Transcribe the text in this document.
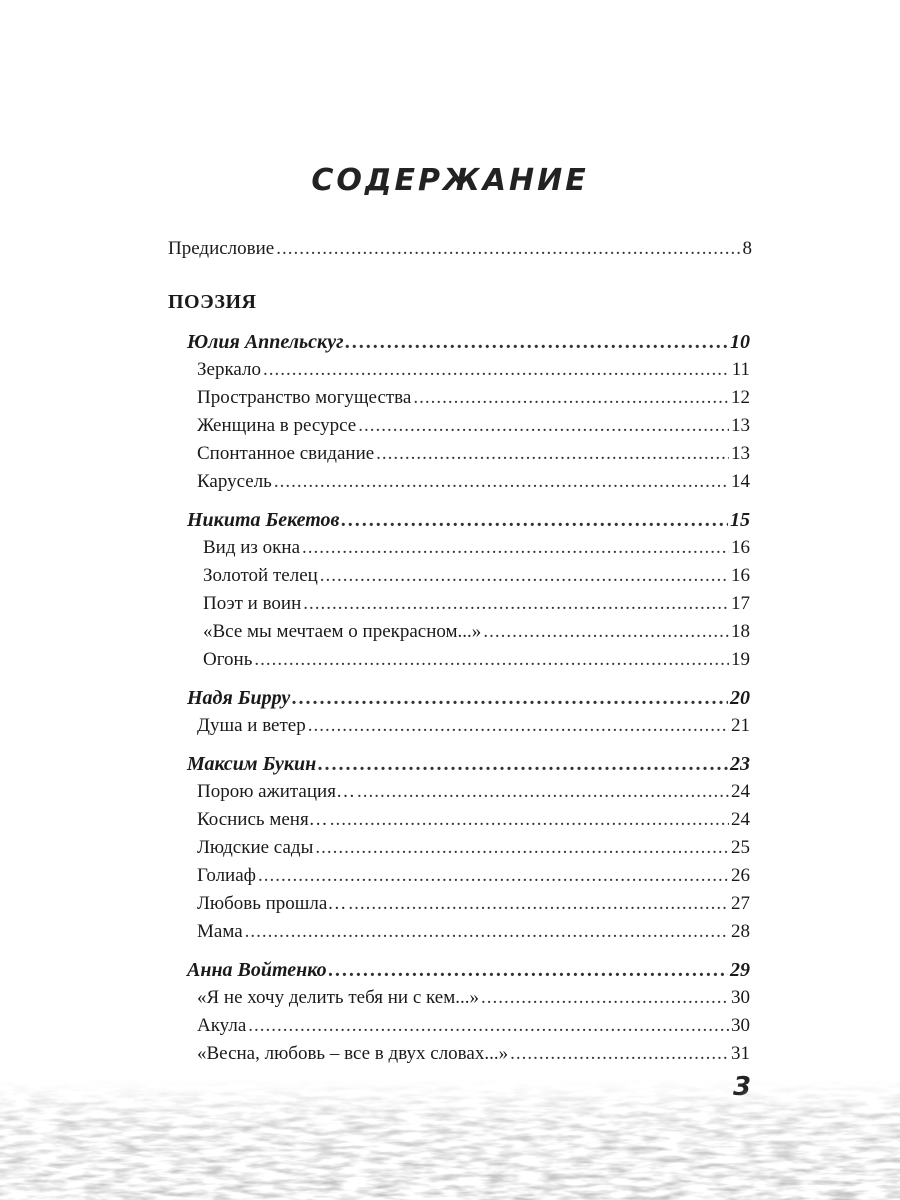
СОДЕРЖАНИЕ
Предисловие .....	8
ПОЭЗИЯ
Юлия Аппельскуг .....	10
Зеркало .....	11
Пространство могущества .....	12
Женщина в ресурсе .....	13
Спонтанное свидание .....	13
Карусель .....	14
Никита Бекетов .....	15
Вид из окна .....	16
Золотой телец .....	16
Поэт и воин .....	17
«Все мы мечтаем о прекрасном...» .....	18
Огонь .....	19
Надя Бирру .....	20
Душа и ветер .....	21
Максим Букин .....	23
Порою ажитация… .....	24
Коснись меня… .....	24
Людские сады .....	25
Голиаф .....	26
Любовь прошла… .....	27
Мама .....	28
Анна Войтенко .....	29
«Я не хочу делить тебя ни с кем...» .....	30
Акула .....	30
«Весна, любовь – все в двух словах...» .....	31
